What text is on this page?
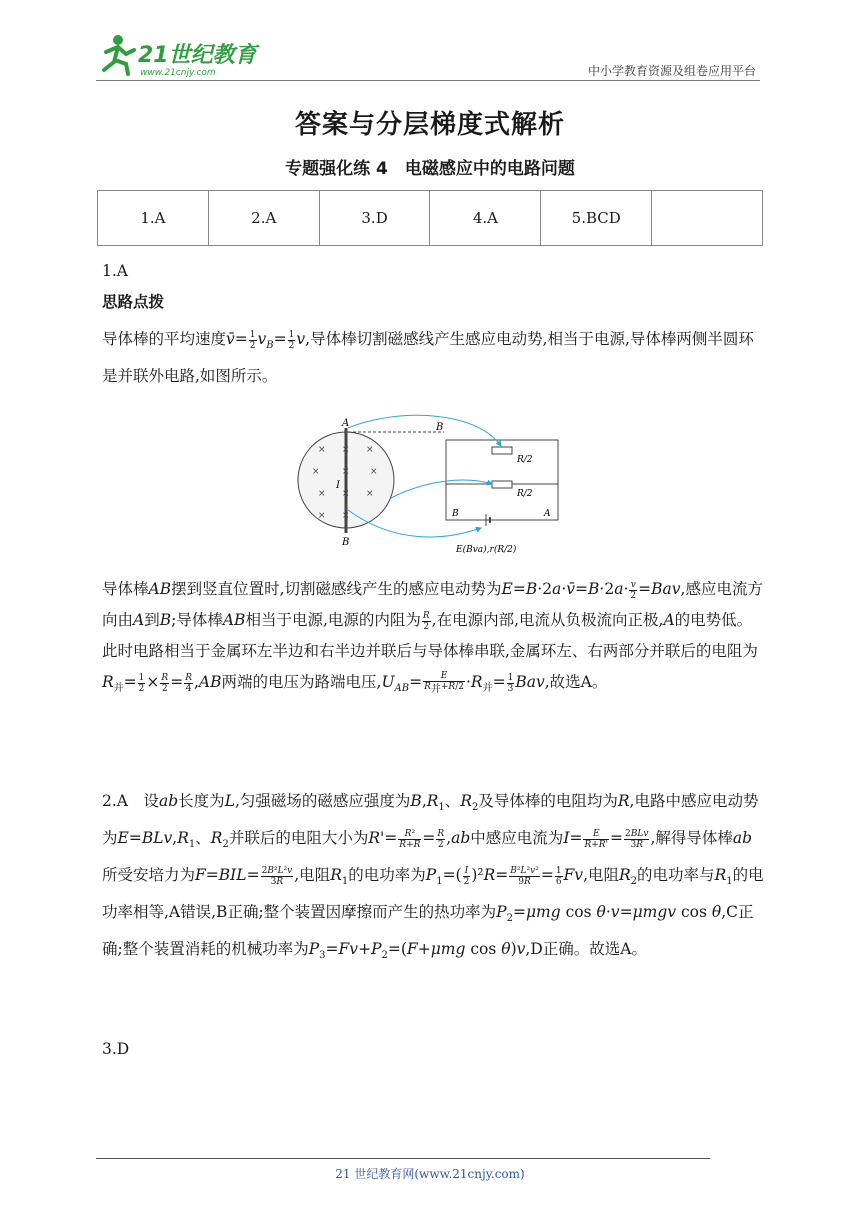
21世纪教育
www.21cnjy.com	中小学教育资源及组卷应用平台
答案与分层梯度式解析
专题强化练 4　电磁感应中的电路问题
1.A	2.A	3.D	4.A	5.BCD	
1.A
思路点拨
导体棒的平均速度v̄= $\frac{1}{2} v_B= \frac{1}{2} v$,导体棒切割磁感线产生感应电动势,相当于电源,导体棒两侧半圆环是并联外电路,如图所示。
× × ×
× × ×
× × ×
× ×
A	B
I
B
R/2
R/2
B	A
E(Bva),r(R/2)
导体棒AB摆到竖直位置时,切割磁感线产生的感应电动势为E=B·2a·v̄=B·2a· $\frac{v}{2} =Bav$,感应电流方向由A到B;导体棒AB相当于电源,电源的内阻为 $\frac{R}{2}$ ,在电源内部,电流从负极流向正极,A的电势低。此时电路相当于金属环左半边和右半边并联后与导体棒串联,金属环左、右两部分并联后的电阻为$R_并= \frac{1}{2} \times \frac{R}{2} = \frac{R}{4} ,AB$两端的电压为路端电压$,U_{AB}=$	E
$R_并+R/2 \cdot R_并= \frac{1}{3}$ Bav,故选A。
2.A　设ab长度为L,匀强磁场的磁感应强度为$B,R_1$、$R_2$及导体棒的电阻均为R,电路中感应电动势为$E=BLv,R_1$、$R_2$并联后的电阻大小为$R'= \frac{\text{R²}}{R+R} = \frac{R}{2} ,ab$中感应电流为$I= \frac{E}{R+R'} = 2BLv$
3R ,解得导体棒ab所受安培力为$F=BIL= \frac{\text{2B²L²v}}{3R}$ ,电阻$R_1$的电功率为$P_1=( \frac{I}{2} )^2R= \frac{\text{B²L²v²}}{9R} = \frac{1}{6} Fv$,电阻$R_2$的电功率与$R_1$的电功率相等,A错误,B正确;整个装置因摩擦而产生的热功率为$P_2=\mu mg$ cos θ·v=μmgv cos θ,C正确;整个装置消耗的机械功率为$P_3=Fv+P_2=(F+\mu mg$ cos θ)v,D正确。故选A。
3.D
21 世纪教育网(www.21cnjy.com)
